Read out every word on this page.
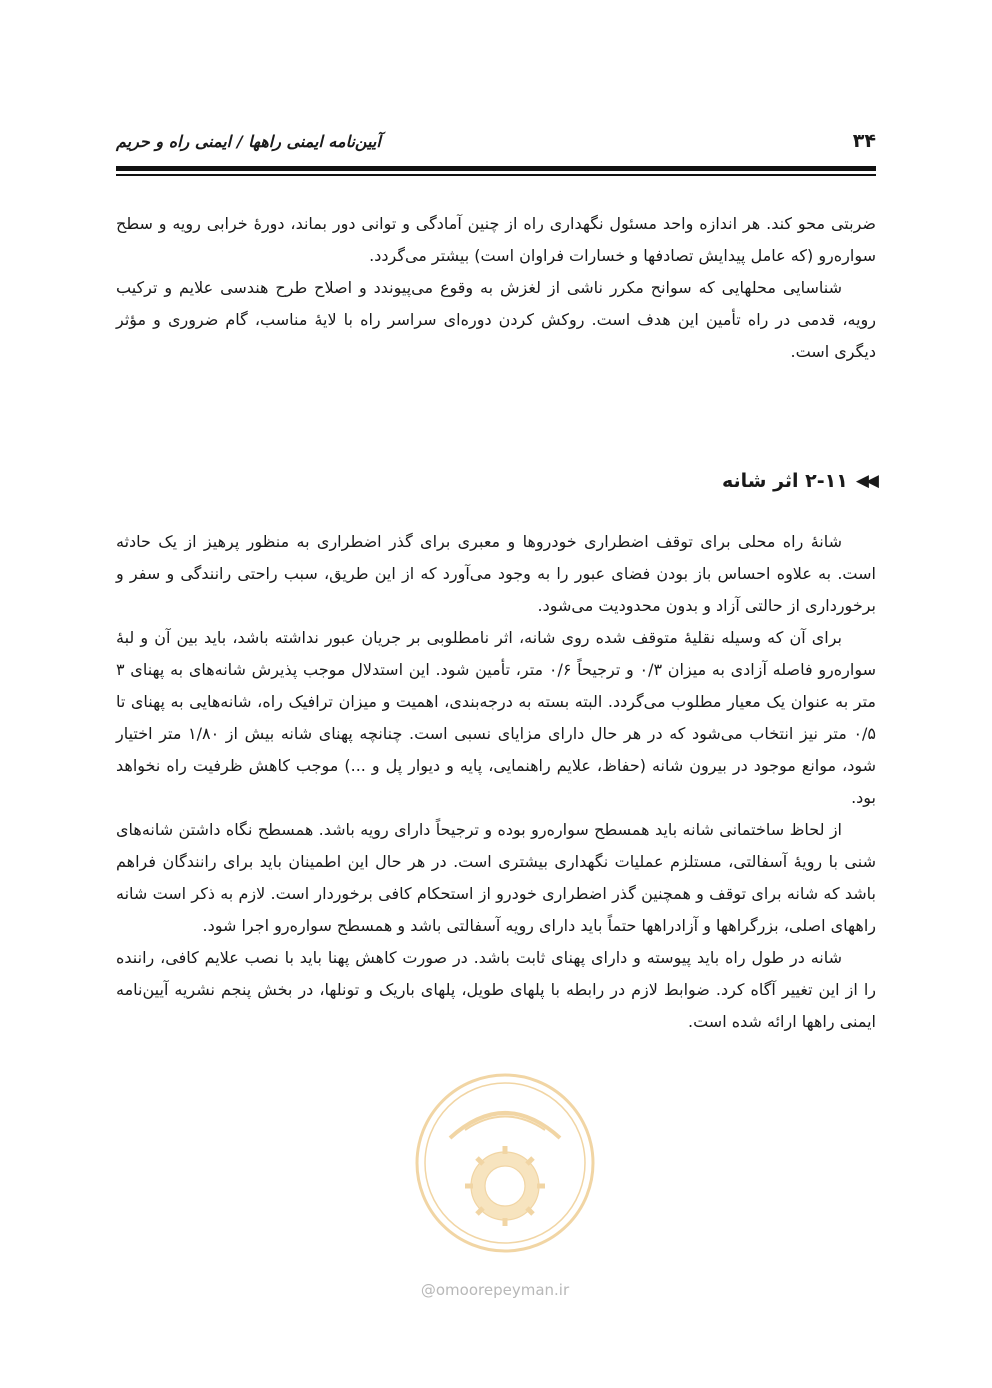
۳۴
آیین‌نامه ایمنی راهها / ایمنی راه و حریم

ضربتی محو کند. هر اندازه واحد مسئول نگهداری راه از چنین آمادگی و توانی دور بماند، دورهٔ خرابی رویه و سطح سواره‌رو (که عامل پیدایش تصادفها و خسارات فراوان است) بیشتر می‌گردد.

شناسایی محلهایی که سوانح مکرر ناشی از لغزش به وقوع می‌پیوندد و اصلاح طرح هندسی علایم و ترکیب رویه، قدمی در راه تأمین این هدف است. روکش کردن دوره‌ای سراسر راه با لایهٔ مناسب، گام ضروری و مؤثر دیگری است.

◀◀
۲-۱۱ اثر شانه

شانهٔ راه محلی برای توقف اضطراری خودروها و معبری برای گذر اضطراری به منظور پرهیز از یک حادثه است. به علاوه احساس باز بودن فضای عبور را به وجود می‌آورد که از این طریق، سبب راحتی رانندگی و سفر و برخورداری از حالتی آزاد و بدون محدودیت می‌شود.

برای آن که وسیله نقلیهٔ متوقف شده روی شانه، اثر نامطلوبی بر جریان عبور نداشته باشد، باید بین آن و لبهٔ سواره‌رو فاصله آزادی به میزان ۰/۳ و ترجیحاً ۰/۶ متر، تأمین شود. این استدلال موجب پذیرش شانه‌های به پهنای ۳ متر به عنوان یک معیار مطلوب می‌گردد. البته بسته به درجه‌بندی، اهمیت و میزان ترافیک راه، شانه‌هایی به پهنای تا ۰/۵ متر نیز انتخاب می‌شود که در هر حال دارای مزایای نسبی است. چنانچه پهنای شانه بیش از ۱/۸۰ متر اختیار شود، موانع موجود در بیرون شانه (حفاظ، علایم راهنمایی، پایه و دیوار پل و ...) موجب کاهش ظرفیت راه نخواهد بود.

از لحاظ ساختمانی شانه باید همسطح سواره‌رو بوده و ترجیحاً دارای رویه باشد. همسطح نگاه داشتن شانه‌های شنی با رویهٔ آسفالتی، مستلزم عملیات نگهداری بیشتری است. در هر حال این اطمینان باید برای رانندگان فراهم باشد که شانه برای توقف و همچنین گذر اضطراری خودرو از استحکام کافی برخوردار است. لازم به ذکر است شانه راههای اصلی، بزرگراهها و آزادراهها حتماً باید دارای رویه آسفالتی باشد و همسطح سواره‌رو اجرا شود.

شانه در طول راه باید پیوسته و دارای پهنای ثابت باشد. در صورت کاهش پهنا باید با نصب علایم کافی، راننده را از این تغییر آگاه کرد. ضوابط لازم در رابطه با پلهای طویل، پلهای باریک و تونلها، در بخش پنجم نشریه آیین‌نامه ایمنی راهها ارائه شده است.

@omoorepeyman.ir
